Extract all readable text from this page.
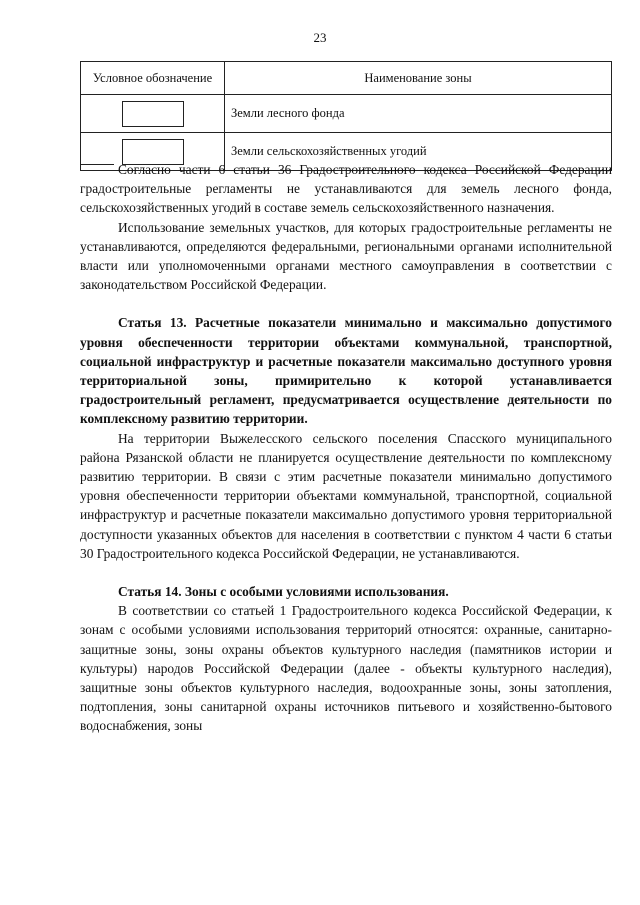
23
Условное обозначение	Наименование зоны
	Земли лесного фонда
	Земли сельскохозяйственных угодий

Согласно части 6 статьи 36 Градостроительного кодекса Российской Федерации градостроительные регламенты не устанавливаются для земель лесного фонда, сельскохозяйственных угодий в составе земель сельскохозяйственного назначения.

Использование земельных участков, для которых градостроительные регламенты не устанавливаются, определяются федеральными, региональными органами исполнительной власти или уполномоченными органами местного самоуправления в соответствии с законодательством Российской Федерации.

Статья 13. Расчетные показатели минимально и максимально допустимого уровня обеспеченности территории объектами коммунальной, транспортной, социальной инфраструктур и расчетные показатели максимально доступного уровня территориальной зоны, примирительно к которой устанавливается градостроительный регламент, предусматривается осуществление деятельности по комплексному развитию территории.

На территории Выжелесского сельского поселения Спасского муниципального района Рязанской области не планируется осуществление деятельности по комплексному развитию территории. В связи с этим расчетные показатели минимально допустимого уровня обеспеченности территории объектами коммунальной, транспортной, социальной инфраструктур и расчетные показатели максимально допустимого уровня территориальной доступности указанных объектов для населения в соответствии с пунктом 4 части 6 статьи 30 Градостроительного кодекса Российской Федерации, не устанавливаются.

Статья 14. Зоны с особыми условиями использования.

В соответствии со статьей 1 Градостроительного кодекса Российской Федерации, к зонам с особыми условиями использования территорий относятся: охранные, санитарно-защитные зоны, зоны охраны объектов культурного наследия (памятников истории и культуры) народов Российской Федерации (далее - объекты культурного наследия), защитные зоны объектов культурного наследия, водоохранные зоны, зоны затопления, подтопления, зоны санитарной охраны источников питьевого и хозяйственно-бытового водоснабжения, зоны
